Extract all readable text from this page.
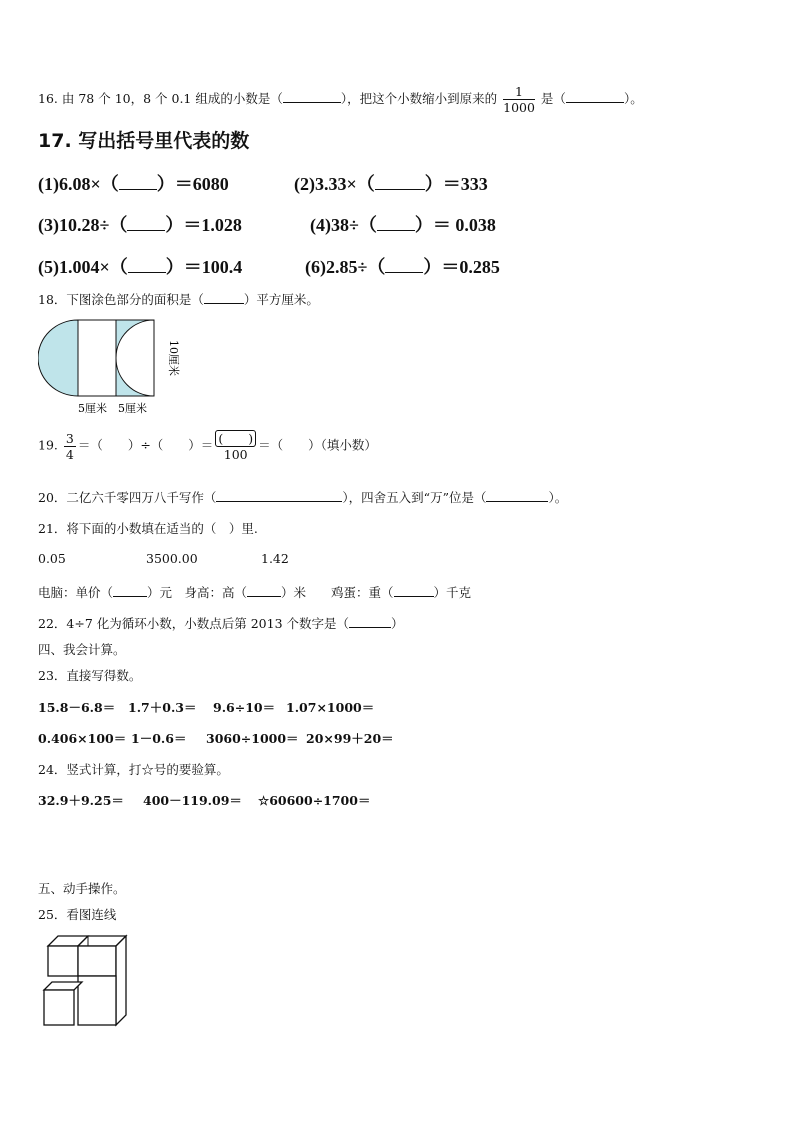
16. 由 78 个 10，8 个 0.1 组成的小数是（	），把这个小数缩小到原来的 $\frac{1}{1000}$ 是（	）。
17. 写出括号里代表的数
(1)6.08×（ ）＝6080	(2)3.33×（	）＝333
(3)10.28÷（ ）＝1.028	(4)38÷（ ）＝ 0.038
(5)1.004×（ ）＝100.4	(6)2.85÷（ ）＝0.285
18．下图涂色部分的面积是（	）平方厘米。
10厘米
5厘米 5厘米
19. $\frac{3}{4}$ ＝（　　）÷（　　）＝ $\frac{( )}{100}$ ＝（　　）（填小数）
20．二亿六千零四万八千写作（	），四舍五入到“万”位是（	）。
21．将下面的小数填在适当的（　）里.
0.05	3500.00	1.42
电脑：单价（	）元　身高：高（	）米　　鸡蛋：重（	）千克
22．4÷7 化为循环小数，小数点后第 2013 个数字是（	）
四、我会计算。
23．直接写得数。
15.8－6.8＝ 1.7＋0.3＝ 9.6÷10＝ 1.07×1000＝
0.406×100＝ 1－0.6＝ 3060÷1000＝ 20×99＋20＝
24．竖式计算，打☆号的要验算。
32.9＋9.25＝ 400－119.09＝ ☆60600÷1700＝
五、动手操作。
25．看图连线
